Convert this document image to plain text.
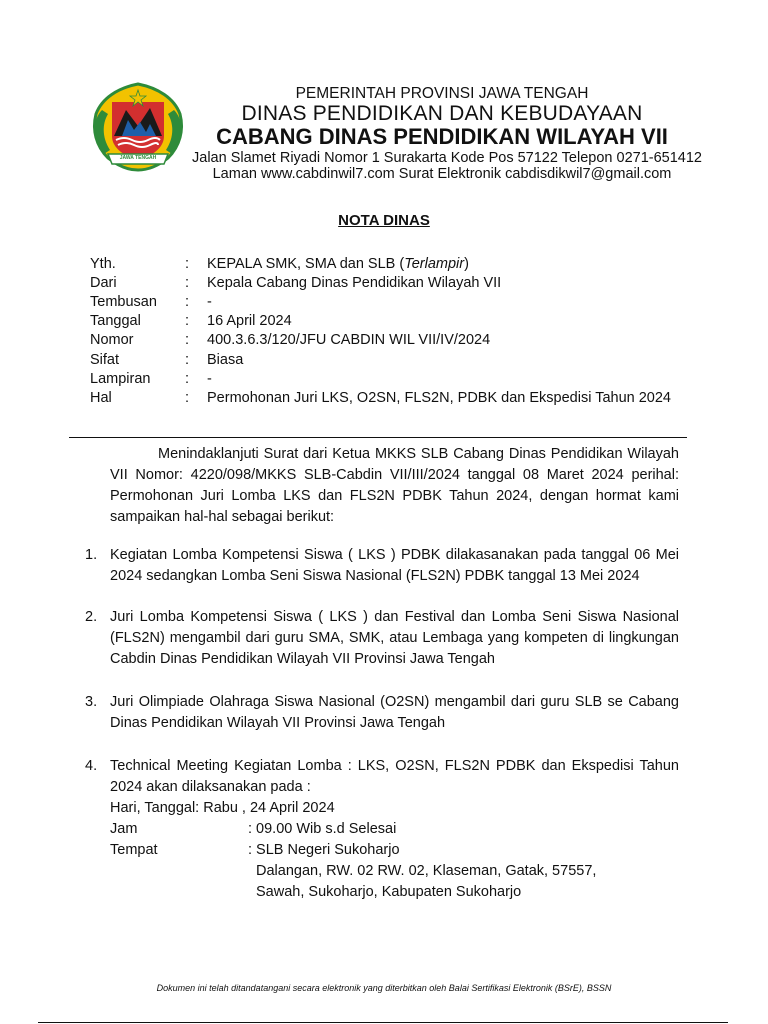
JAWA TENGAH
PEMERINTAH PROVINSI JAWA TENGAH
DINAS PENDIDIKAN DAN KEBUDAYAAN
CABANG DINAS PENDIDIKAN WILAYAH VII
Jalan Slamet Riyadi Nomor 1 Surakarta Kode Pos 57122 Telepon 0271-651412
Laman www.cabdinwil7.com Surat Elektronik cabdisdikwil7@gmail.com
NOTA DINAS
Yth.	: KEPALA SMK, SMA dan SLB (Terlampir)
Dari	: Kepala Cabang Dinas Pendidikan Wilayah VII
Tembusan	: -
Tanggal	: 16 April 2024
Nomor	: 400.3.6.3/120/JFU CABDIN WIL VII/IV/2024
Sifat	: Biasa
Lampiran	: -
Hal	: Permohonan Juri LKS, O2SN, FLS2N, PDBK dan Ekspedisi Tahun 2024
Menindaklanjuti Surat dari Ketua MKKS SLB Cabang Dinas Pendidikan Wilayah VII Nomor: 4220/098/MKKS SLB-Cabdin VII/III/2024 tanggal 08 Maret 2024 perihal: Permohonan Juri Lomba LKS dan FLS2N PDBK Tahun 2024, dengan hormat kami sampaikan hal-hal sebagai berikut:
1. Kegiatan Lomba Kompetensi Siswa ( LKS ) PDBK dilakasanakan pada tanggal 06 Mei 2024 sedangkan Lomba Seni Siswa Nasional (FLS2N) PDBK tanggal 13 Mei 2024
2. Juri Lomba Kompetensi Siswa ( LKS ) dan Festival dan Lomba Seni Siswa Nasional (FLS2N) mengambil dari guru SMA, SMK, atau Lembaga yang kompeten di lingkungan Cabdin Dinas Pendidikan Wilayah VII Provinsi Jawa Tengah
3. Juri Olimpiade Olahraga Siswa Nasional (O2SN) mengambil dari guru SLB se Cabang Dinas Pendidikan Wilayah VII Provinsi Jawa Tengah
4. Technical Meeting Kegiatan Lomba : LKS, O2SN, FLS2N PDBK dan Ekspedisi Tahun 2024 akan dilaksanakan pada :
Hari, Tanggal: Rabu , 24 April 2024
Jam	: 09.00 Wib s.d Selesai
Tempat	: SLB Negeri Sukoharjo
Dalangan, RW. 02 RW. 02, Klaseman, Gatak, 57557,
Sawah, Sukoharjo, Kabupaten Sukoharjo
Dokumen ini telah ditandatangani secara elektronik yang diterbitkan oleh Balai Sertifikasi Elektronik (BSrE), BSSN
